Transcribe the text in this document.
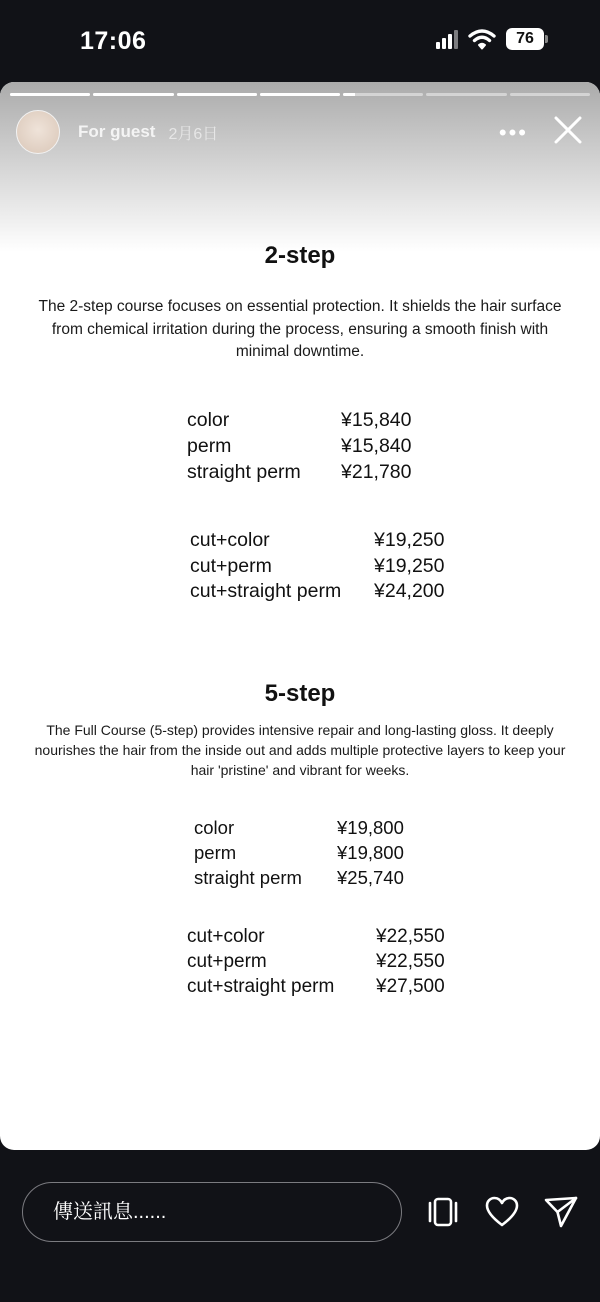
17:06	76
For guest 2月6日	•••
2-step
The 2-step course focuses on essential protection. It shields the hair surface
from chemical irritation during the process, ensuring a smooth finish with
minimal downtime.
color	¥15,840
perm	¥15,840
straight perm	¥21,780
cut+color	¥19,250
cut+perm	¥19,250
cut+straight perm	¥24,200
5-step
The Full Course (5-step) provides intensive repair and long-lasting gloss. It deeply
nourishes the hair from the inside out and adds multiple protective layers to keep your
hair 'pristine' and vibrant for weeks.
color	¥19,800
perm	¥19,800
straight perm	¥25,740
cut+color	¥22,550
cut+perm	¥22,550
cut+straight perm	¥27,500
傳送訊息......
